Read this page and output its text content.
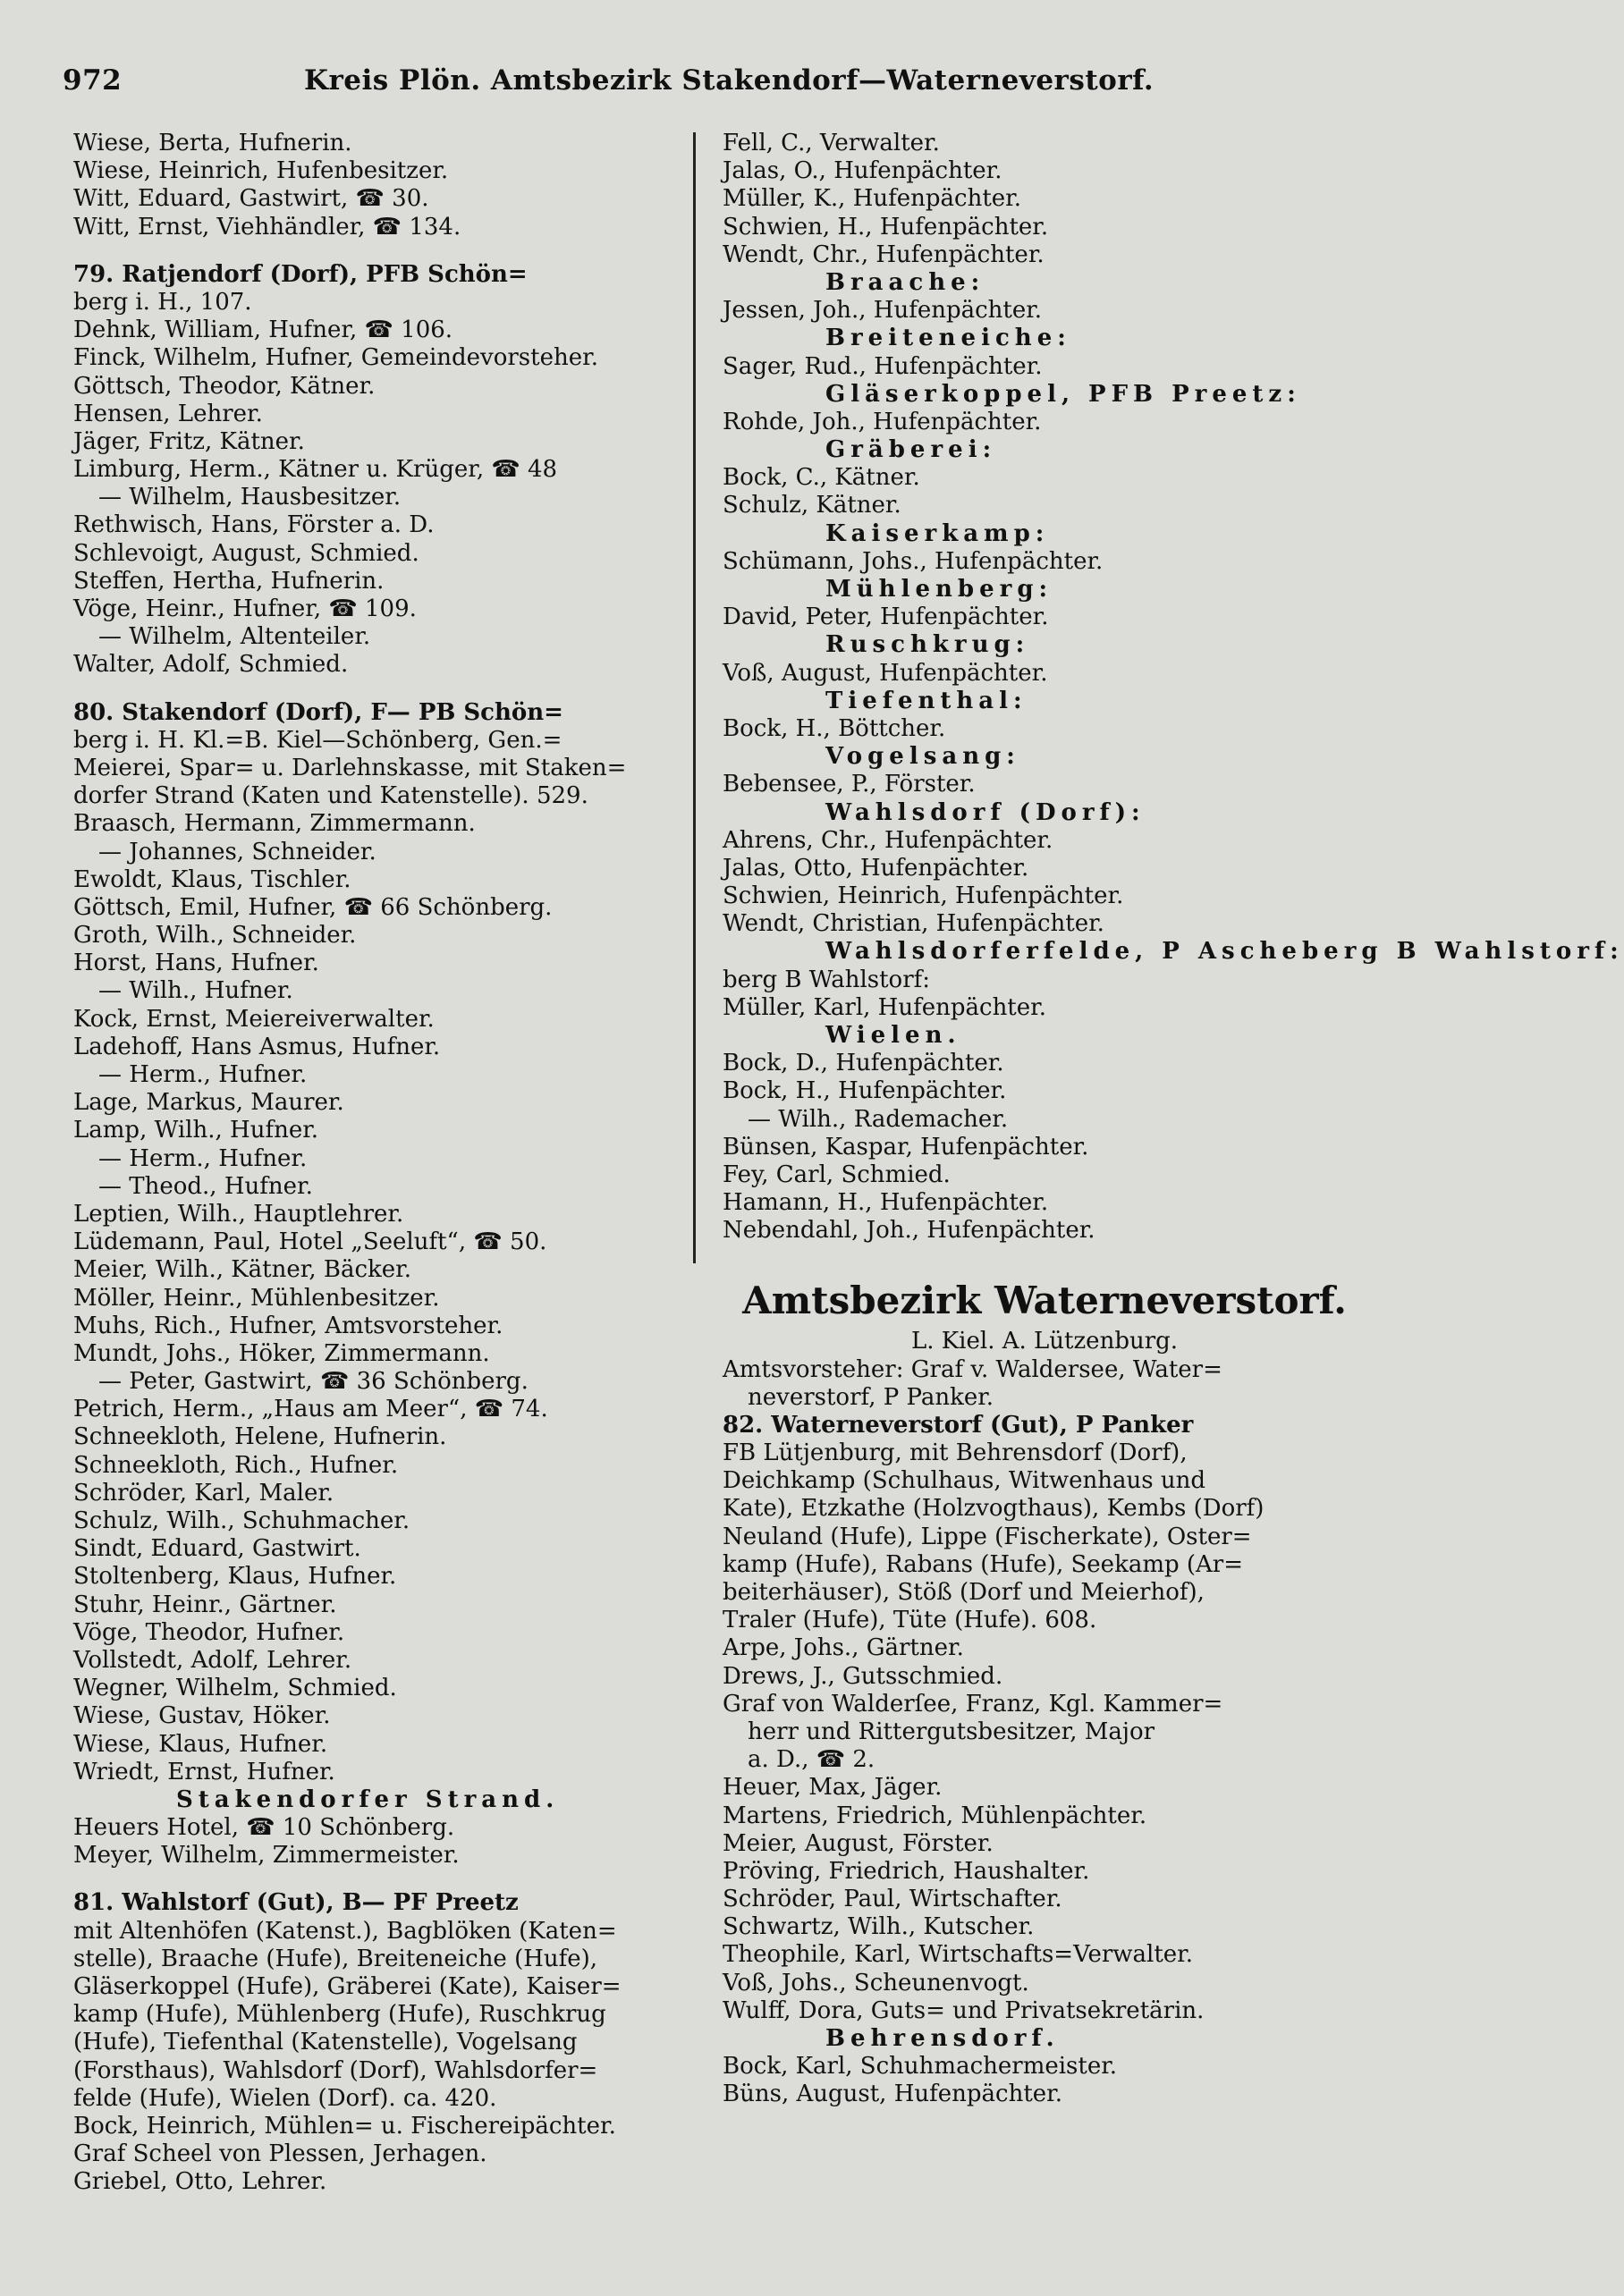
972	Kreis Plön. Amtsbezirk Stakendorf—Waterneverstorf.
Wiese, Berta, Hufnerin.
Wiese, Heinrich, Hufenbesitzer.
Witt, Eduard, Gastwirt, ☎ 30.
Witt, Ernst, Viehhändler, ☎ 134.
79. Ratjendorf (Dorf), PFB Schön=
berg i. H., 107.
Dehnk, William, Hufner, ☎ 106.
Finck, Wilhelm, Hufner, Gemeindevorsteher.
Göttsch, Theodor, Kätner.
Hensen, Lehrer.
Jäger, Fritz, Kätner.
Limburg, Herm., Kätner u. Krüger, ☎ 48
— Wilhelm, Hausbesitzer.
Rethwisch, Hans, Förster a. D.
Schlevoigt, August, Schmied.
Steffen, Hertha, Hufnerin.
Vöge, Heinr., Hufner, ☎ 109.
— Wilhelm, Altenteiler.
Walter, Adolf, Schmied.
80. Stakendorf (Dorf), F— PB Schön=
berg i. H. Kl.=B. Kiel—Schönberg, Gen.=
Meierei, Spar= u. Darlehnskasse, mit Staken=
dorfer Strand (Katen und Katenstelle). 529.
Braasch, Hermann, Zimmermann.
— Johannes, Schneider.
Ewoldt, Klaus, Tischler.
Göttsch, Emil, Hufner, ☎ 66 Schönberg.
Groth, Wilh., Schneider.
Horst, Hans, Hufner.
— Wilh., Hufner.
Kock, Ernst, Meiereiverwalter.
Ladehoff, Hans Asmus, Hufner.
— Herm., Hufner.
Lage, Markus, Maurer.
Lamp, Wilh., Hufner.
— Herm., Hufner.
— Theod., Hufner.
Leptien, Wilh., Hauptlehrer.
Lüdemann, Paul, Hotel „Seeluft“, ☎ 50.
Meier, Wilh., Kätner, Bäcker.
Möller, Heinr., Mühlenbesitzer.
Muhs, Rich., Hufner, Amtsvorsteher.
Mundt, Johs., Höker, Zimmermann.
— Peter, Gastwirt, ☎ 36 Schönberg.
Petrich, Herm., „Haus am Meer“, ☎ 74.
Schneekloth, Helene, Hufnerin.
Schneekloth, Rich., Hufner.
Schröder, Karl, Maler.
Schulz, Wilh., Schuhmacher.
Sindt, Eduard, Gastwirt.
Stoltenberg, Klaus, Hufner.
Stuhr, Heinr., Gärtner.
Vöge, Theodor, Hufner.
Vollstedt, Adolf, Lehrer.
Wegner, Wilhelm, Schmied.
Wiese, Gustav, Höker.
Wiese, Klaus, Hufner.
Wriedt, Ernst, Hufner.
Stakendorfer Strand.
Heuers Hotel, ☎ 10 Schönberg.
Meyer, Wilhelm, Zimmermeister.
81. Wahlstorf (Gut), B— PF Preetz
mit Altenhöfen (Katenst.), Bagblöken (Katen=
stelle), Braache (Hufe), Breiteneiche (Hufe),
Gläserkoppel (Hufe), Gräberei (Kate), Kaiser=
kamp (Hufe), Mühlenberg (Hufe), Ruschkrug
(Hufe), Tiefenthal (Katenstelle), Vogelsang
(Forsthaus), Wahlsdorf (Dorf), Wahlsdorfer=
felde (Hufe), Wielen (Dorf). ca. 420.
Bock, Heinrich, Mühlen= u. Fischereipächter.
Graf Scheel von Plessen, Jerhagen.
Griebel, Otto, Lehrer.
Fell, C., Verwalter.
Jalas, O., Hufenpächter.
Müller, K., Hufenpächter.
Schwien, H., Hufenpächter.
Wendt, Chr., Hufenpächter.
Braache:
Jessen, Joh., Hufenpächter.
Breiteneiche:
Sager, Rud., Hufenpächter.
Gläserkoppel, PFB Preetz:
Rohde, Joh., Hufenpächter.
Gräberei:
Bock, C., Kätner.
Schulz, Kätner.
Kaiserkamp:
Schümann, Johs., Hufenpächter.
Mühlenberg:
David, Peter, Hufenpächter.
Ruschkrug:
Voß, August, Hufenpächter.
Tiefenthal:
Bock, H., Böttcher.
Vogelsang:
Bebensee, P., Förster.
Wahlsdorf (Dorf):
Ahrens, Chr., Hufenpächter.
Jalas, Otto, Hufenpächter.
Schwien, Heinrich, Hufenpächter.
Wendt, Christian, Hufenpächter.
Wahlsdorferfelde, P Ascheberg B Wahlstorf:
berg B Wahlstorf:
Müller, Karl, Hufenpächter.
Wielen.
Bock, D., Hufenpächter.
Bock, H., Hufenpächter.
— Wilh., Rademacher.
Bünsen, Kaspar, Hufenpächter.
Fey, Carl, Schmied.
Hamann, H., Hufenpächter.
Nebendahl, Joh., Hufenpächter.
Amtsbezirk Waterneverstorf.
L. Kiel. A. Lützenburg.
Amtsvorsteher: Graf v. Waldersee, Water=
neverstorf, P Panker.
82. Waterneverstorf (Gut), P Panker
FB Lütjenburg, mit Behrensdorf (Dorf),
Deichkamp (Schulhaus, Witwenhaus und
Kate), Etzkathe (Holzvogthaus), Kembs (Dorf)
Neuland (Hufe), Lippe (Fischerkate), Oster=
kamp (Hufe), Rabans (Hufe), Seekamp (Ar=
beiterhäuser), Stöß (Dorf und Meierhof),
Traler (Hufe), Tüte (Hufe). 608.
Arpe, Johs., Gärtner.
Drews, J., Gutsschmied.
Graf von Walderſee, Franz, Kgl. Kammer=
herr und Rittergutsbesitzer, Major
a. D., ☎ 2.
Heuer, Max, Jäger.
Martens, Friedrich, Mühlenpächter.
Meier, August, Förster.
Pröving, Friedrich, Haushalter.
Schröder, Paul, Wirtschafter.
Schwartz, Wilh., Kutscher.
Theophile, Karl, Wirtschafts=Verwalter.
Voß, Johs., Scheunenvogt.
Wulff, Dora, Guts= und Privatsekretärin.
Behrensdorf.
Bock, Karl, Schuhmachermeister.
Büns, August, Hufenpächter.
